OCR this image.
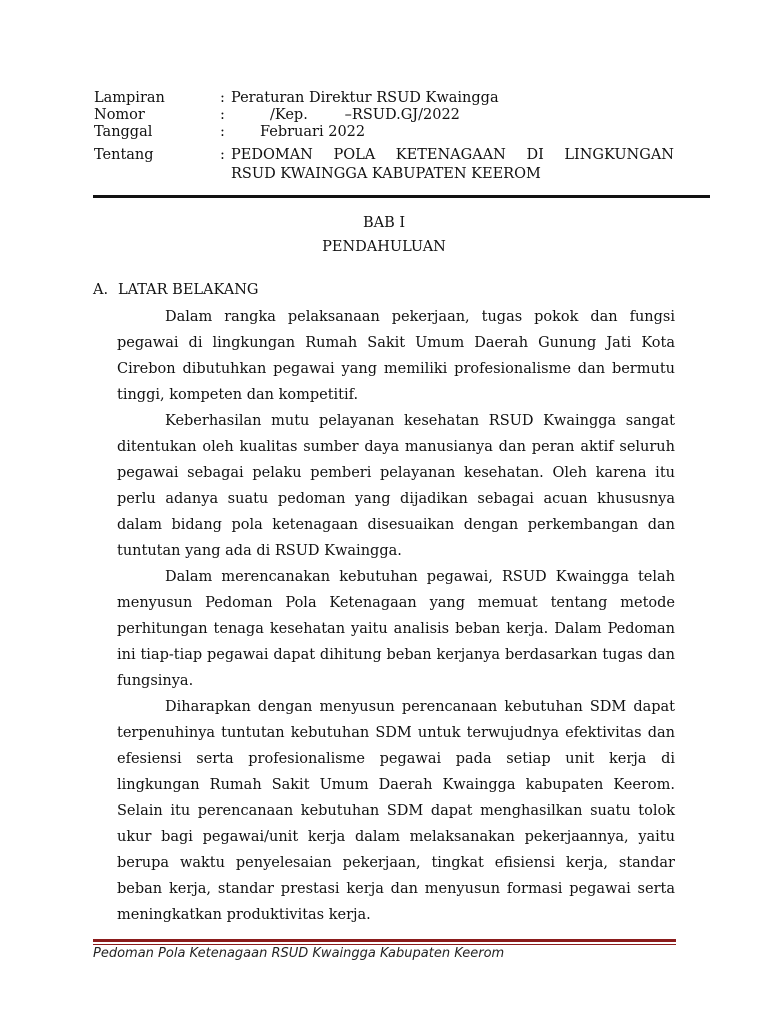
Lampiran	: Peraturan Direktur RSUD Kwaingga
Nomor	:	/Kep.        –RSUD.GJ/2022
Tanggal	: Februari 2022
Tentang	: PEDOMAN POLA KETENAGAAN DI LINGKUNGAN
RSUD KWAINGGA KABUPATEN KEEROM
BAB I
PENDAHULUAN
A. LATAR BELAKANG

Dalam rangka pelaksanaan pekerjaan, tugas pokok dan fungsi pegawai di lingkungan Rumah Sakit Umum Daerah Gunung Jati Kota Cirebon dibutuhkan pegawai yang memiliki profesionalisme dan bermutu tinggi, kompeten dan kompetitif.

Keberhasilan mutu pelayanan kesehatan RSUD Kwaingga sangat ditentukan oleh kualitas sumber daya manusianya dan peran aktif seluruh pegawai sebagai pelaku pemberi pelayanan kesehatan. Oleh karena itu perlu adanya suatu pedoman yang dijadikan sebagai acuan khususnya dalam bidang pola ketenagaan disesuaikan dengan perkembangan dan tuntutan yang ada di RSUD Kwaingga.

Dalam merencanakan kebutuhan pegawai, RSUD Kwaingga telah menyusun Pedoman Pola Ketenagaan yang memuat tentang metode perhitungan tenaga kesehatan yaitu analisis beban kerja. Dalam Pedoman ini tiap-tiap pegawai dapat dihitung beban kerjanya berdasarkan tugas dan fungsinya.

Diharapkan dengan menyusun perencanaan kebutuhan SDM dapat terpenuhinya tuntutan kebutuhan SDM untuk terwujudnya efektivitas dan efesiensi serta profesionalisme pegawai pada setiap unit kerja di lingkungan Rumah Sakit Umum Daerah Kwaingga kabupaten Keerom. Selain itu perencanaan kebutuhan SDM dapat menghasilkan suatu tolok ukur bagi pegawai/unit kerja dalam melaksanakan pekerjaannya, yaitu berupa waktu penyelesaian pekerjaan, tingkat efisiensi kerja, standar beban kerja, standar prestasi kerja dan menyusun formasi pegawai serta meningkatkan produktivitas kerja.

Pedoman Pola Ketenagaan RSUD Kwaingga Kabupaten Keerom
